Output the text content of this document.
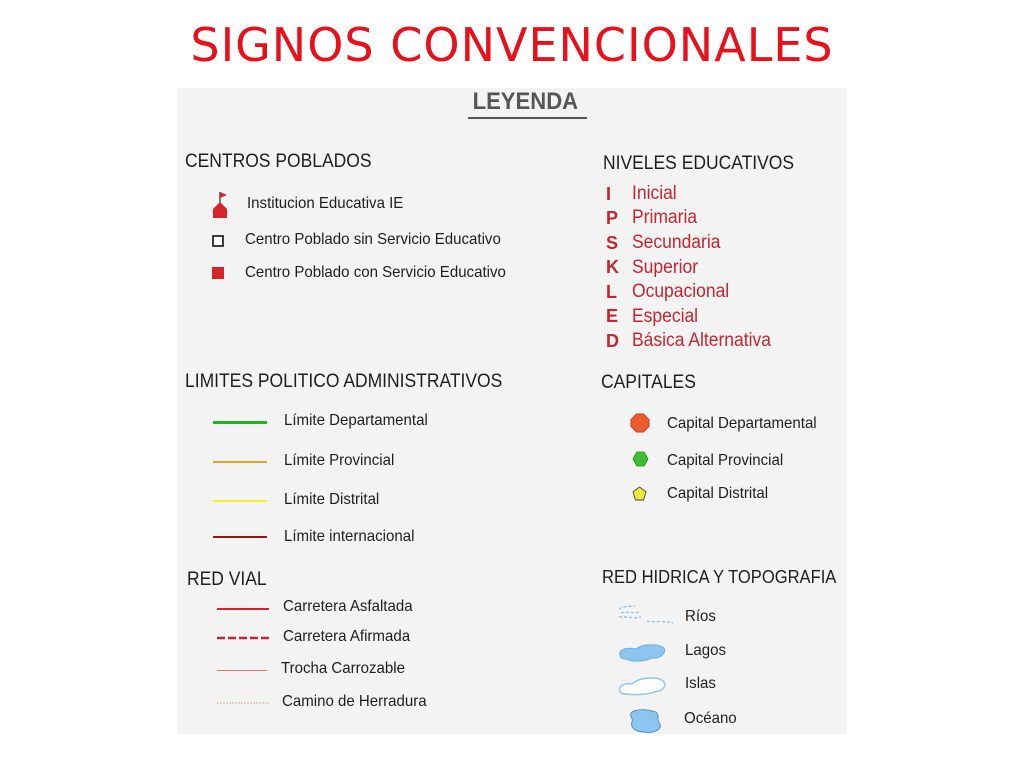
SIGNOS CONVENCIONALES
LEYENDA
CENTROS POBLADOS
Institucion Educativa IE
Centro Poblado sin Servicio Educativo
Centro Poblado con Servicio Educativo
NIVELES EDUCATIVOS
I Inicial
P Primaria
S Secundaria
K Superior
L Ocupacional
E Especial
D Básica Alternativa
LIMITES POLITICO ADMINISTRATIVOS
Límite Departamental
Límite Provincial
Límite Distrital
Límite internacional
CAPITALES
Capital Departamental
Capital Provincial
Capital Distrital
RED VIAL
Carretera Asfaltada
Carretera Afirmada
Trocha Carrozable
Camino de Herradura
RED HIDRICA Y TOPOGRAFIA
Ríos
Lagos
Islas
Océano
